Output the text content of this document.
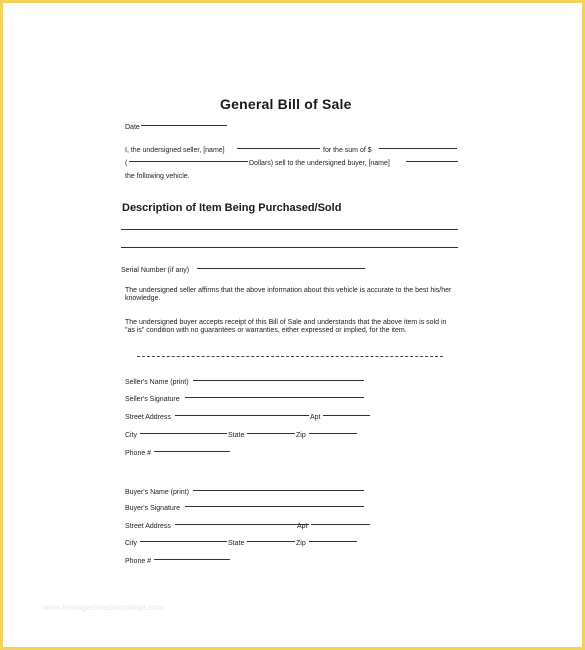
General Bill of Sale
Date
I, the undersigned seller, [name]	for the sum of $
(	Dollars) sell to the undersigned buyer, [name]
the following vehicle.
Description of Item Being Purchased/Sold
Serial Number (if any)
The undersigned seller affirms that the above information about this vehicle is accurate to the best his/her knowledge.
The undersigned buyer accepts receipt of this Bill of Sale and understands that the above item is sold in "as is" condition with no guarantees or warranties, either expressed or implied, for the item.
Seller's Name (print)
Seller's Signature
Street Address	Apt
City	State	Zip
Phone #
Buyer's Name (print)
Buyer's Signature
Street Address	Apt
City	State	Zip
Phone #
www.heritagechristiancollege.com
